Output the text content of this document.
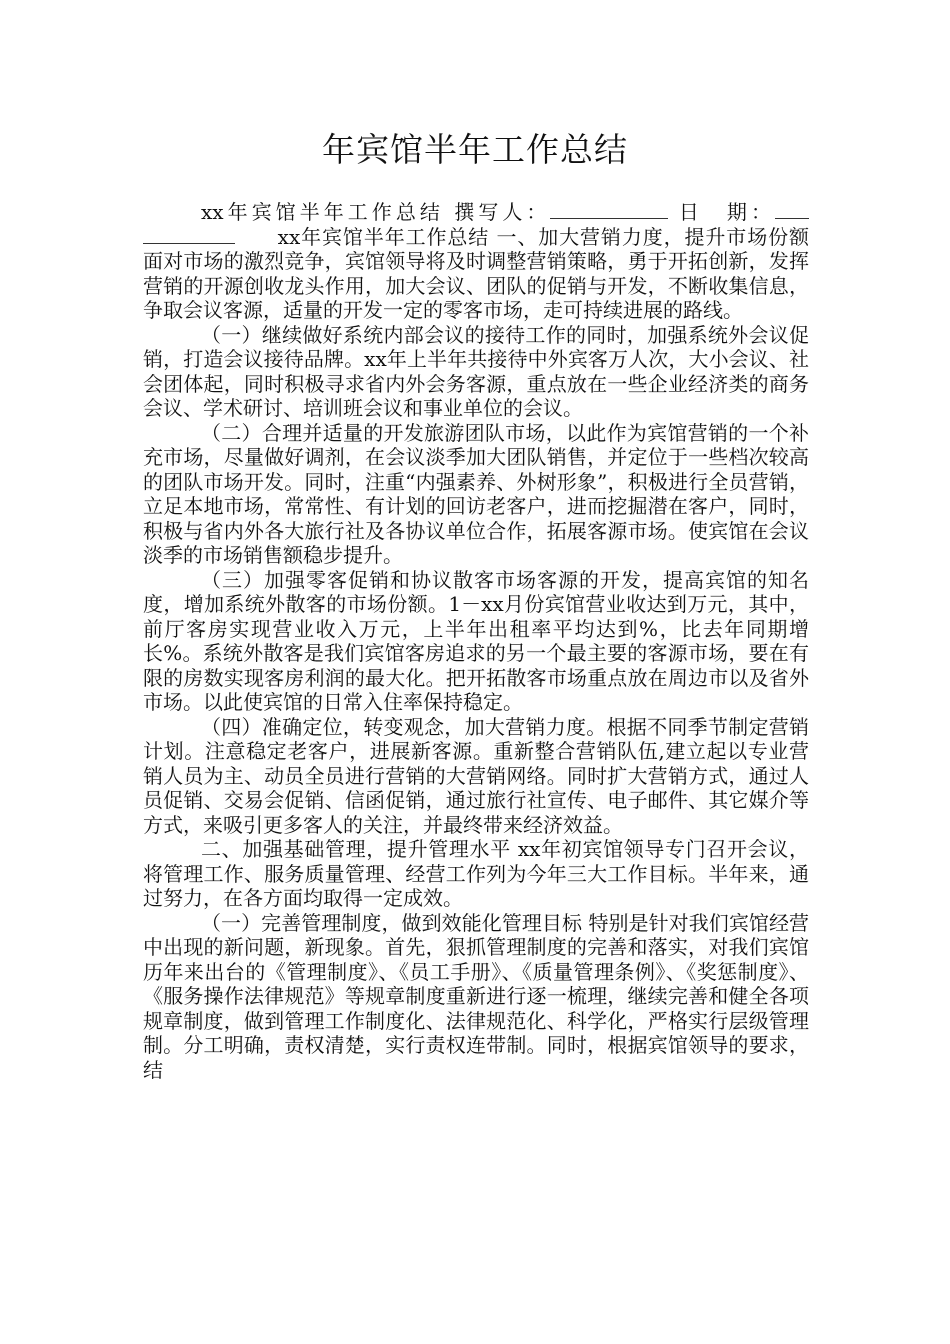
年宾馆半年工作总结

xx年宾馆半年工作总结 撰写人：	日　期：　　xx年宾馆半年工作总结 一、加大营销力度，提升市场份额 面对市场的激烈竞争，宾馆领导将及时调整营销策略，勇于开拓创新，发挥营销的开源创收龙头作用，加大会议、团队的促销与开发，不断收集信息，争取会议客源，适量的开发一定的零客市场，走可持续进展的路线。

（一）继续做好系统内部会议的接待工作的同时，加强系统外会议促销，打造会议接待品牌。xx年上半年共接待中外宾客万人次，大小会议、社会团体起，同时积极寻求省内外会务客源，重点放在一些企业经济类的商务会议、学术研讨、培训班会议和事业单位的会议。

（二）合理并适量的开发旅游团队市场，以此作为宾馆营销的一个补充市场，尽量做好调剂，在会议淡季加大团队销售，并定位于一些档次较高的团队市场开发。同时，注重“内强素养、外树形象”，积极进行全员营销，立足本地市场，常常性、有计划的回访老客户，进而挖掘潜在客户，同时，积极与省内外各大旅行社及各协议单位合作，拓展客源市场。使宾馆在会议淡季的市场销售额稳步提升。

（三）加强零客促销和协议散客市场客源的开发，提高宾馆的知名度，增加系统外散客的市场份额。1－xx月份宾馆营业收达到万元，其中，前厅客房实现营业收入万元，上半年出租率平均达到%，比去年同期增长%。系统外散客是我们宾馆客房追求的另一个最主要的客源市场，要在有限的房数实现客房利润的最大化。把开拓散客市场重点放在周边市以及省外市场。以此使宾馆的日常入住率保持稳定。

（四）准确定位，转变观念，加大营销力度。根据不同季节制定营销计划。注意稳定老客户，进展新客源。重新整合营销队伍,建立起以专业营销人员为主、动员全员进行营销的大营销网络。同时扩大营销方式，通过人员促销、交易会促销、信函促销，通过旅行社宣传、电子邮件、其它媒介等方式，来吸引更多客人的关注，并最终带来经济效益。

二、加强基础管理，提升管理水平 xx年初宾馆领导专门召开会议，将管理工作、服务质量管理、经营工作列为今年三大工作目标。半年来，通过努力，在各方面均取得一定成效。

（一）完善管理制度，做到效能化管理目标 特别是针对我们宾馆经营中出现的新问题，新现象。首先，狠抓管理制度的完善和落实，对我们宾馆历年来出台的《管理制度》、《员工手册》、《质量管理条例》、《奖惩制度》、《服务操作法律规范》等规章制度重新进行逐一梳理，继续完善和健全各项规章制度，做到管理工作制度化、法律规范化、科学化，严格实行层级管理制。分工明确，责权清楚，实行责权连带制。同时，根据宾馆领导的要求，结
